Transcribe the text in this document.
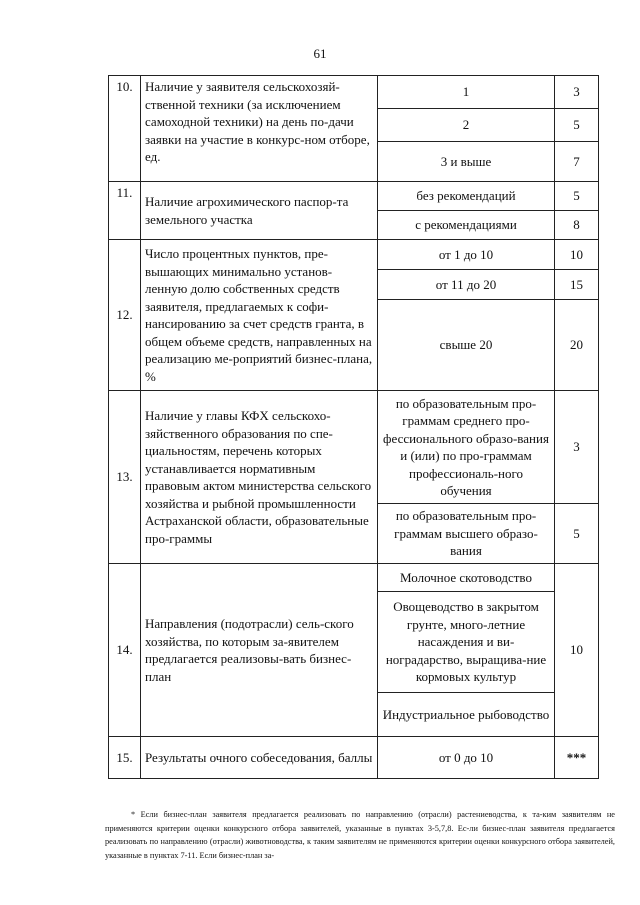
61
10.	Наличие у заявителя сельскохозяй-ственной техники (за исключением самоходной техники) на день по-дачи заявки на участие в конкурс-ном отборе, ед.	1	3
		2	5
		3 и выше	7
11.	Наличие агрохимического паспор-та земельного участка	без рекомендаций	5
		с рекомендациями	8
12.	Число процентных пунктов, пре-вышающих минимально установ-ленную долю собственных средств заявителя, предлагаемых к софи-нансированию за счет средств гранта, в общем объеме средств, направленных на реализацию ме-роприятий бизнес-плана, %	от 1 до 10	10
		от 11 до 20	15
		свыше 20	20
13.	Наличие у главы КФХ сельскохо-зяйственного образования по спе-циальностям, перечень которых устанавливается нормативным правовым актом министерства сельского хозяйства и рыбной промышленности Астраханской области, образовательные про-граммы	по образовательным про-граммам среднего про-фессионального образо-вания и (или) по про-граммам профессиональ-ного обучения	3
		по образовательным про-граммам высшего образо-вания	5
14.	Направления (подотрасли) сель-ского хозяйства, по которым за-явителем предлагается реализовы-вать бизнес-план	Молочное скотоводство	10
		Овощеводство в закрытом грунте, много-летние насаждения и ви-ноградарство, выращива-ние кормовых культур	
		Индустриальное рыбоводство	
15.	Результаты очного собеседования, баллы	от 0 до 10	***

* Если бизнес-план заявителя предлагается реализовать по направлению (отрасли) растениеводства, к та-ким заявителям не применяются критерии оценки конкурсного отбора заявителей, указанные в пунктах 3-5,7,8. Ес-ли бизнес-план заявителя предлагается реализовать по направлению (отрасли) животноводства, к таким заявителям не применяются критерии оценки конкурсного отбора заявителей, указанные в пунктах 7-11. Если бизнес-план за-
